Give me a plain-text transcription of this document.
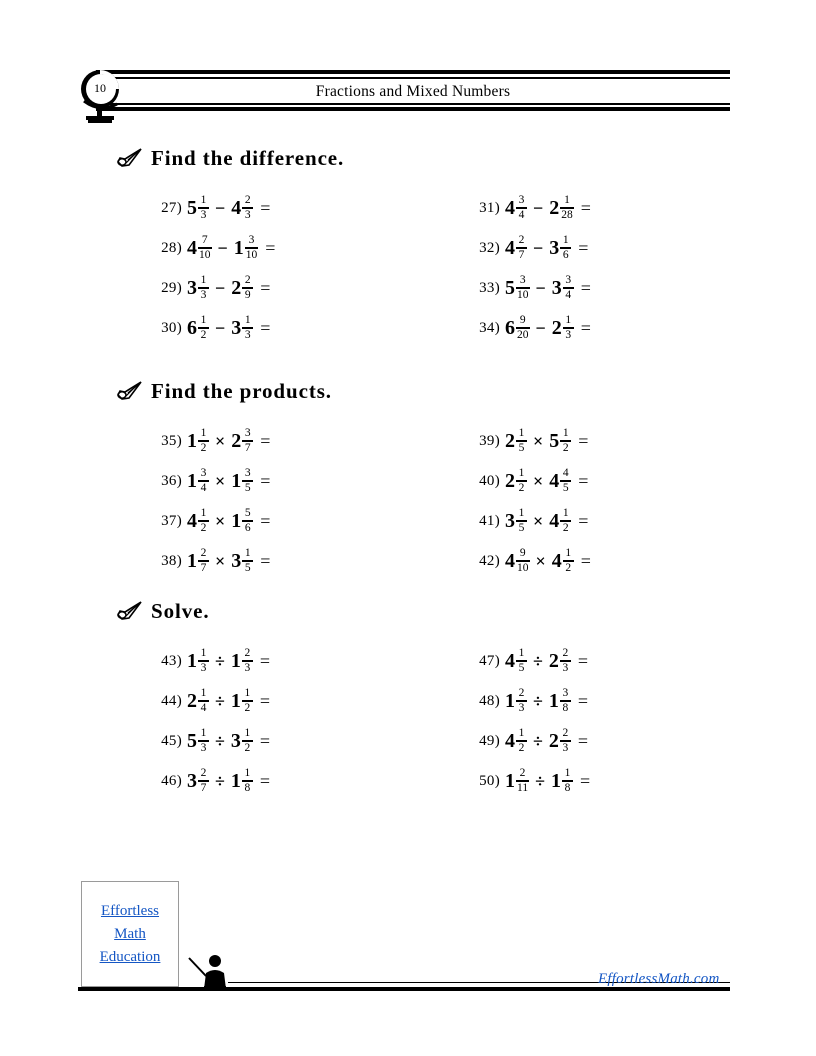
Fractions and Mixed Numbers
10
Find the difference.
27) $5 \frac{1}{3} - 4 \frac{2}{3}$ =
28) $4 \frac{7}{10} - 1 \frac{3}{10}$ =
29) $3 \frac{1}{3} - 2 \frac{2}{9}$ =
30) $6 \frac{1}{2} - 3 \frac{1}{3}$ =
31) $4 \frac{3}{4} - 2 \frac{1}{28}$ =
32) $4 \frac{2}{7} - 3 \frac{1}{6}$ =
33) $5 \frac{3}{10} - 3 \frac{3}{4}$ =
34) $6 \frac{9}{20} - 2 \frac{1}{3}$ =
Find the products.
35) $1 \frac{1}{2} \times 2 \frac{3}{7}$ =
36) $1 \frac{3}{4} \times 1 \frac{3}{5}$ =
37) $4 \frac{1}{2} \times 1 \frac{5}{6}$ =
38) $1 \frac{2}{7} \times 3 \frac{1}{5}$ =
39) $2 \frac{1}{5} \times 5 \frac{1}{2}$ =
40) $2 \frac{1}{2} \times 4 \frac{4}{5}$ =
41) $3 \frac{1}{5} \times 4 \frac{1}{2}$ =
42) $4 \frac{9}{10} \times 4 \frac{1}{2}$ =
Solve.
43) $1 \frac{1}{3} \div 1 \frac{2}{3}$ =
44) $2 \frac{1}{4} \div 1 \frac{1}{2}$ =
45) $5 \frac{1}{3} \div 3 \frac{1}{2}$ =
46) $3 \frac{2}{7} \div 1 \frac{1}{8}$ =
47) $4 \frac{1}{5} \div 2 \frac{2}{3}$ =
48) $1 \frac{2}{3} \div 1 \frac{3}{8}$ =
49) $4 \frac{1}{2} \div 2 \frac{2}{3}$ =
50) $1 \frac{2}{11} \div 1 \frac{1}{8}$ =
Effortless
Math
Education
EffortlessMath.com
